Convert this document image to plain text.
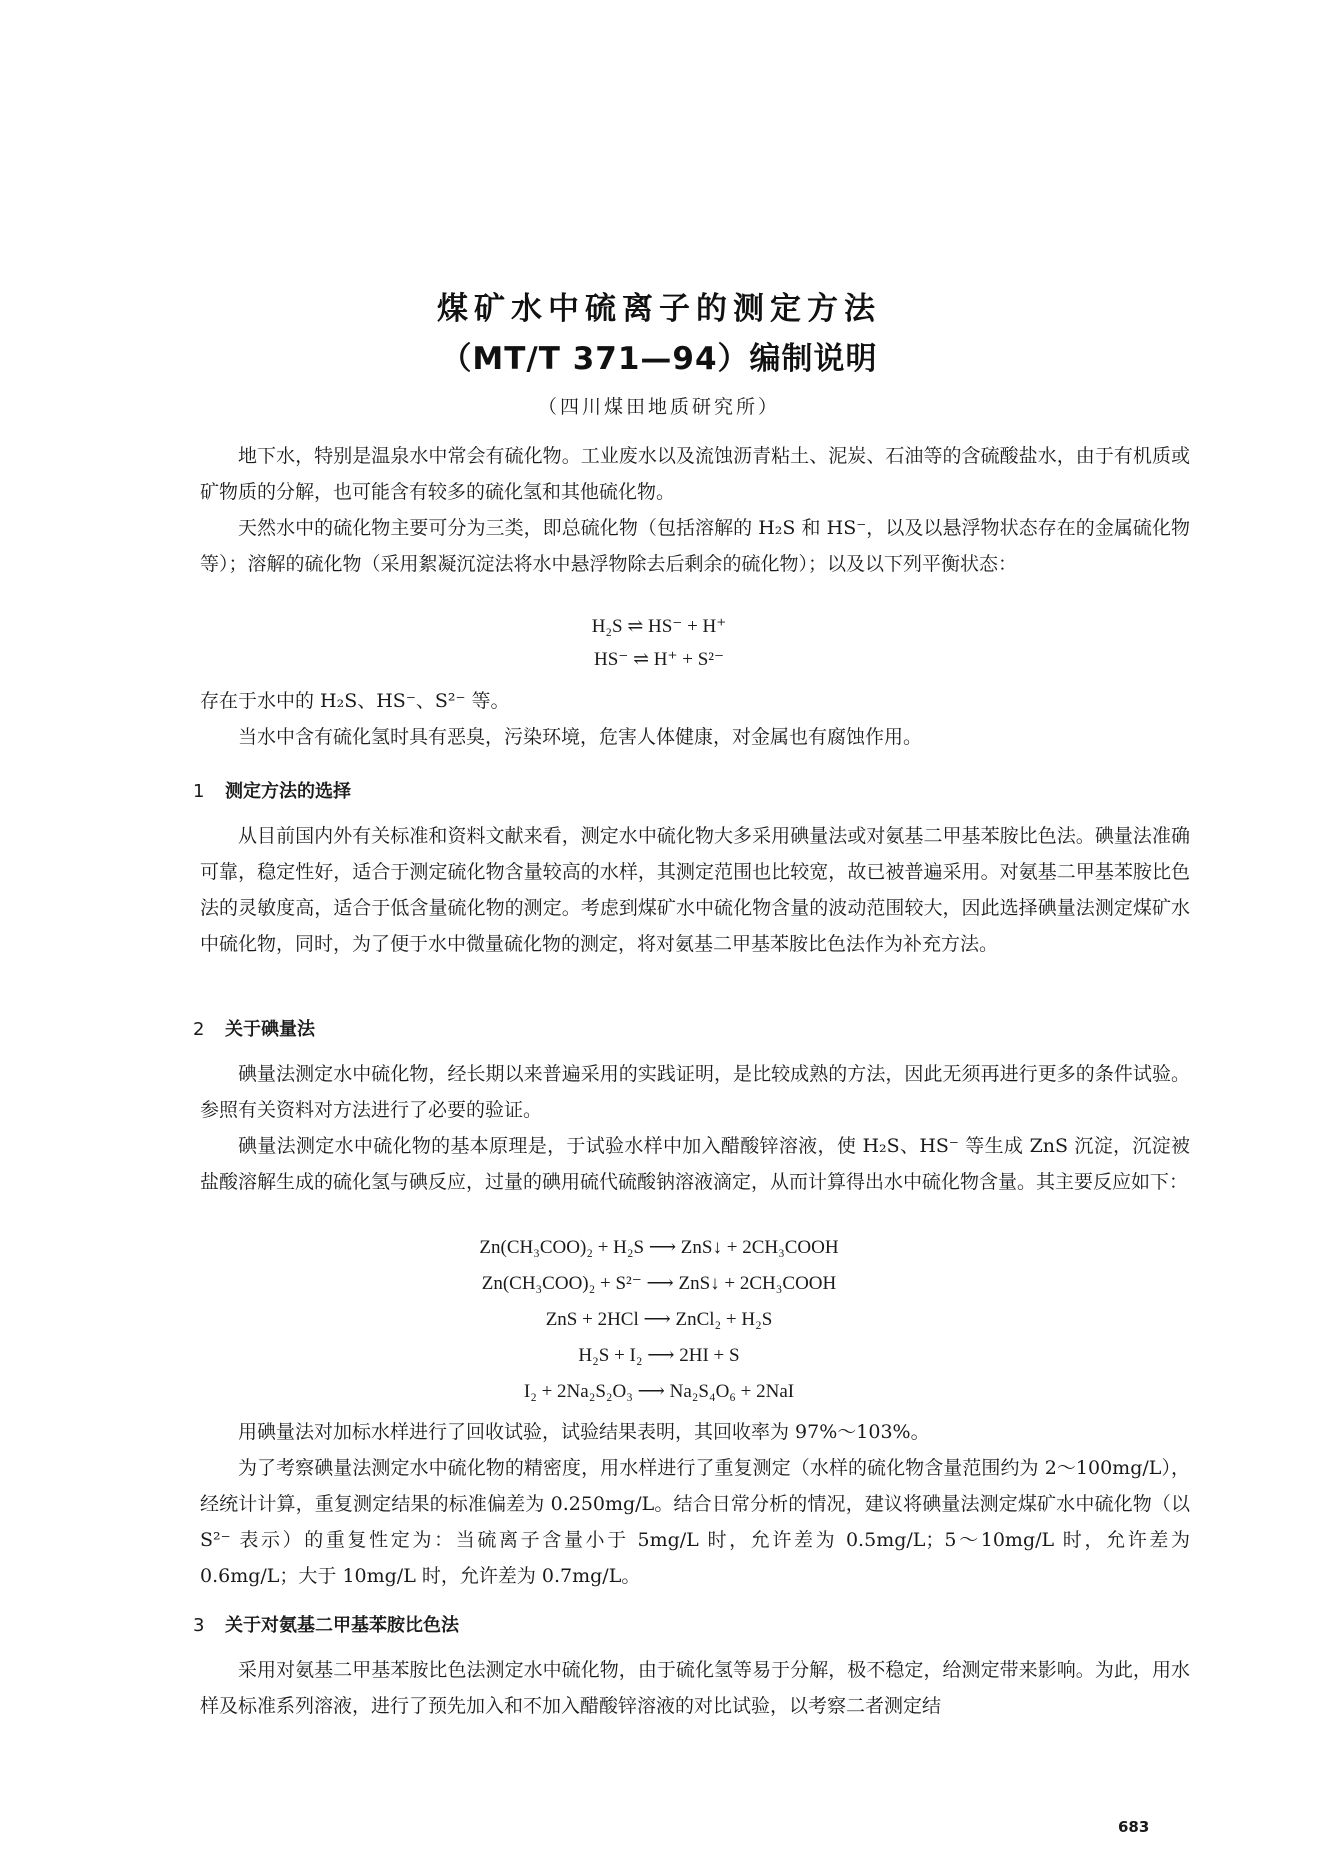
煤矿水中硫离子的测定方法
（MT/T 371—94）编制说明
（四川煤田地质研究所）

地下水，特别是温泉水中常会有硫化物。工业废水以及流蚀沥青粘土、泥炭、石油等的含硫酸盐水，由于有机质或矿物质的分解，也可能含有较多的硫化氢和其他硫化物。

天然水中的硫化物主要可分为三类，即总硫化物（包括溶解的 H₂S 和 HS⁻，以及以悬浮物状态存在的金属硫化物等）；溶解的硫化物（采用絮凝沉淀法将水中悬浮物除去后剩余的硫化物）；以及以下列平衡状态：

H₂S ⇌ HS⁻ + H⁺
HS⁻ ⇌ H⁺ + S²⁻

存在于水中的 H₂S、HS⁻、S²⁻ 等。

当水中含有硫化氢时具有恶臭，污染环境，危害人体健康，对金属也有腐蚀作用。

1 测定方法的选择

从目前国内外有关标准和资料文献来看，测定水中硫化物大多采用碘量法或对氨基二甲基苯胺比色法。碘量法准确可靠，稳定性好，适合于测定硫化物含量较高的水样，其测定范围也比较宽，故已被普遍采用。对氨基二甲基苯胺比色法的灵敏度高，适合于低含量硫化物的测定。考虑到煤矿水中硫化物含量的波动范围较大，因此选择碘量法测定煤矿水中硫化物，同时，为了便于水中微量硫化物的测定，将对氨基二甲基苯胺比色法作为补充方法。

2 关于碘量法

碘量法测定水中硫化物，经长期以来普遍采用的实践证明，是比较成熟的方法，因此无须再进行更多的条件试验。参照有关资料对方法进行了必要的验证。

碘量法测定水中硫化物的基本原理是，于试验水样中加入醋酸锌溶液，使 H₂S、HS⁻ 等生成 ZnS 沉淀，沉淀被盐酸溶解生成的硫化氢与碘反应，过量的碘用硫代硫酸钠溶液滴定，从而计算得出水中硫化物含量。其主要反应如下：

Zn(CH₃COO)₂ + H₂S ⟶ ZnS↓ + 2CH₃COOH
Zn(CH₃COO)₂ + S²⁻ ⟶ ZnS↓ + 2CH₃COOH
ZnS + 2HCl ⟶ ZnCl₂ + H₂S
H₂S + I₂ ⟶ 2HI + S
I₂ + 2Na₂S₂O₃ ⟶ Na₂S₄O₆ + 2NaI

用碘量法对加标水样进行了回收试验，试验结果表明，其回收率为 97%～103%。

为了考察碘量法测定水中硫化物的精密度，用水样进行了重复测定（水样的硫化物含量范围约为 2～100mg/L），经统计计算，重复测定结果的标准偏差为 0.250mg/L。结合日常分析的情况，建议将碘量法测定煤矿水中硫化物（以 S²⁻ 表示）的重复性定为：当硫离子含量小于 5mg/L 时，允许差为 0.5mg/L；5～10mg/L 时，允许差为 0.6mg/L；大于 10mg/L 时，允许差为 0.7mg/L。

3 关于对氨基二甲基苯胺比色法

采用对氨基二甲基苯胺比色法测定水中硫化物，由于硫化氢等易于分解，极不稳定，给测定带来影响。为此，用水样及标准系列溶液，进行了预先加入和不加入醋酸锌溶液的对比试验，以考察二者测定结

683
